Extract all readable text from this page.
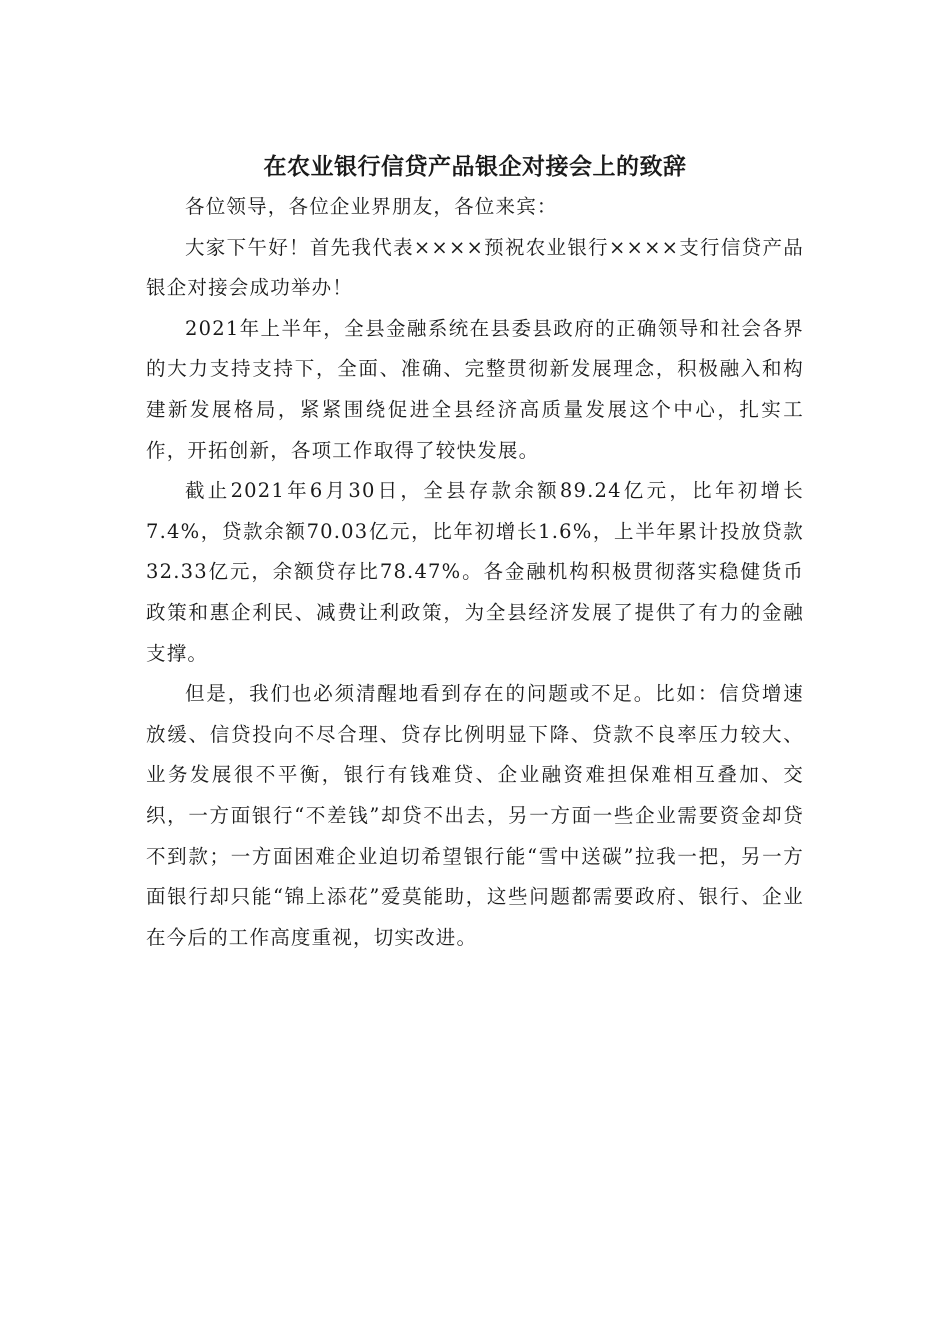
在农业银行信贷产品银企对接会上的致辞

各位领导，各位企业界朋友，各位来宾：

大家下午好！首先我代表××××预祝农业银行××××支行信贷产品银企对接会成功举办！

2021年上半年，全县金融系统在县委县政府的正确领导和社会各界的大力支持支持下，全面、准确、完整贯彻新发展理念，积极融入和构建新发展格局，紧紧围绕促进全县经济高质量发展这个中心，扎实工作，开拓创新，各项工作取得了较快发展。

截止2021年6月30日，全县存款余额89.24亿元，比年初增长7.4%，贷款余额70.03亿元，比年初增长1.6%，上半年累计投放贷款32.33亿元，余额贷存比78.47%。各金融机构积极贯彻落实稳健货币政策和惠企利民、减费让利政策，为全县经济发展了提供了有力的金融支撑。

但是，我们也必须清醒地看到存在的问题或不足。比如：信贷增速放缓、信贷投向不尽合理、贷存比例明显下降、贷款不良率压力较大、业务发展很不平衡，银行有钱难贷、企业融资难担保难相互叠加、交织，一方面银行“不差钱”却贷不出去，另一方面一些企业需要资金却贷不到款；一方面困难企业迫切希望银行能“雪中送碳”拉我一把，另一方面银行却只能“锦上添花”爱莫能助，这些问题都需要政府、银行、企业在今后的工作高度重视，切实改进。
